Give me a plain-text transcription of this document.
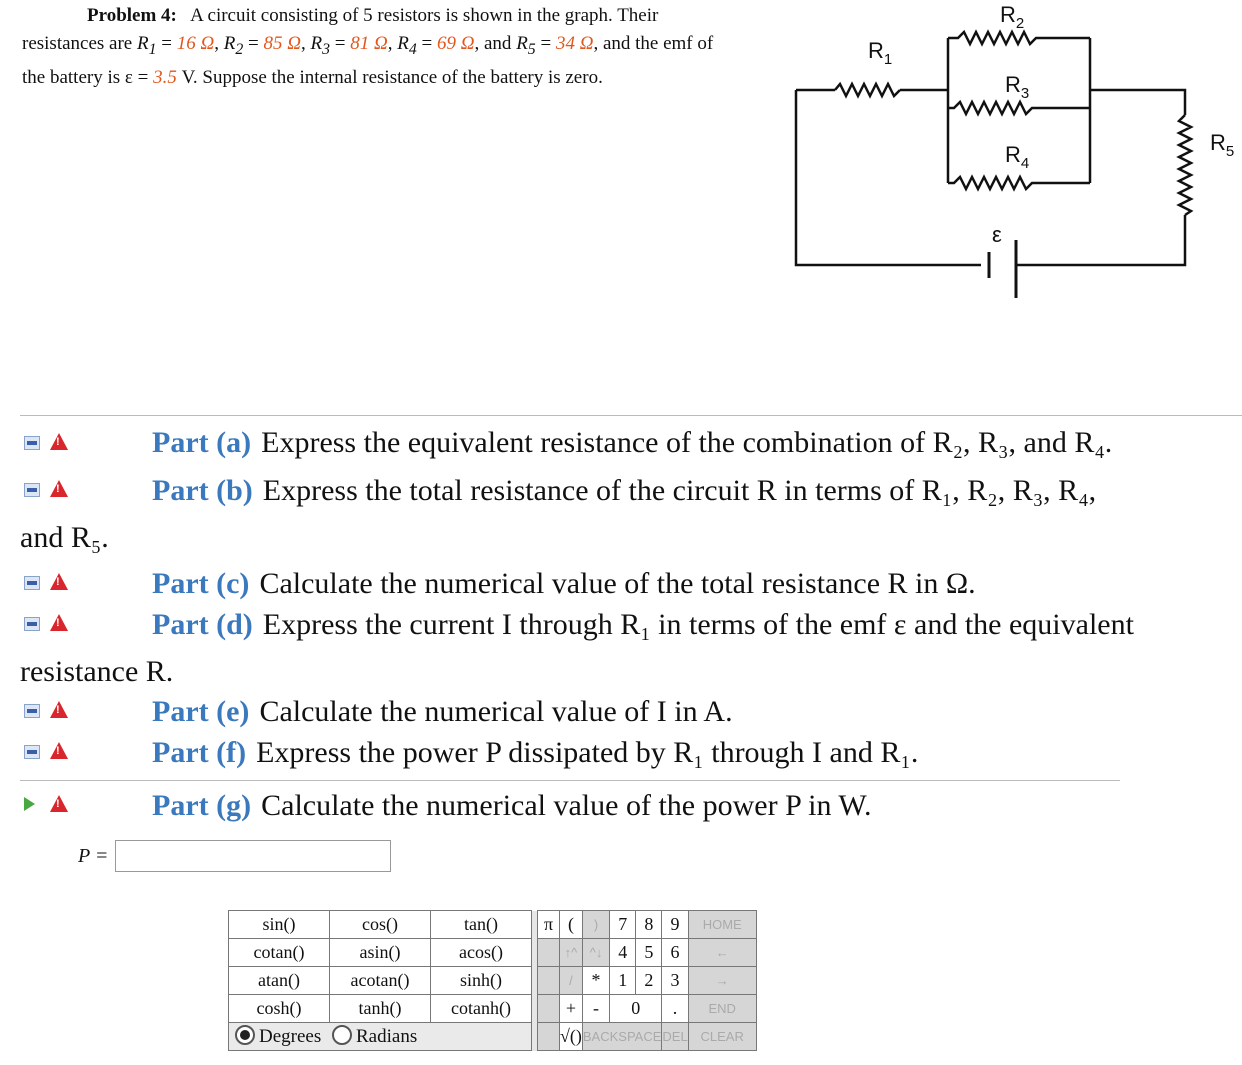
Problem 4: A circuit consisting of 5 resistors is shown in the graph. Their
resistances are $R_1 = 16$ Ω, $R_2 = 85$ Ω, $R_3 = 81$ Ω, $R_4 = 69$ Ω, and $R_5 = 34$ Ω, and the emf of
the battery is ε = 3.5 V. Suppose the internal resistance of the battery is zero.
$R_1$
$R_2$
$R_3$
$R_4$
$R_5$
ε
!
Part (a) Express the equivalent resistance of the combination of R₂, R₃, and R₄.
!
Part (b) Express the total resistance of the circuit R in terms of R₁, R₂, R₃, R₄,
and R₅.
!
Part (c) Calculate the numerical value of the total resistance R in Ω.
!
Part (d) Express the current I through R₁ in terms of the emf ε and the equivalent
resistance R.
!
Part (e) Calculate the numerical value of I in A.
!
Part (f) Express the power P dissipated by R₁ through I and R₁.
!
Part (g) Calculate the numerical value of the power P in W.
P =
sin()	cos()	tan()		π	(	)	7	8	9	HOME
cotan()	asin()	acos()			↑^	^↓	4	5	6	←
atan()	acotan()	sinh()			/	*	1	2	3	→
cosh()	tanh()	cotanh()			+	-	0		.	END
Degrees Radians					√()	BACKSPACE			DEL	CLEAR
